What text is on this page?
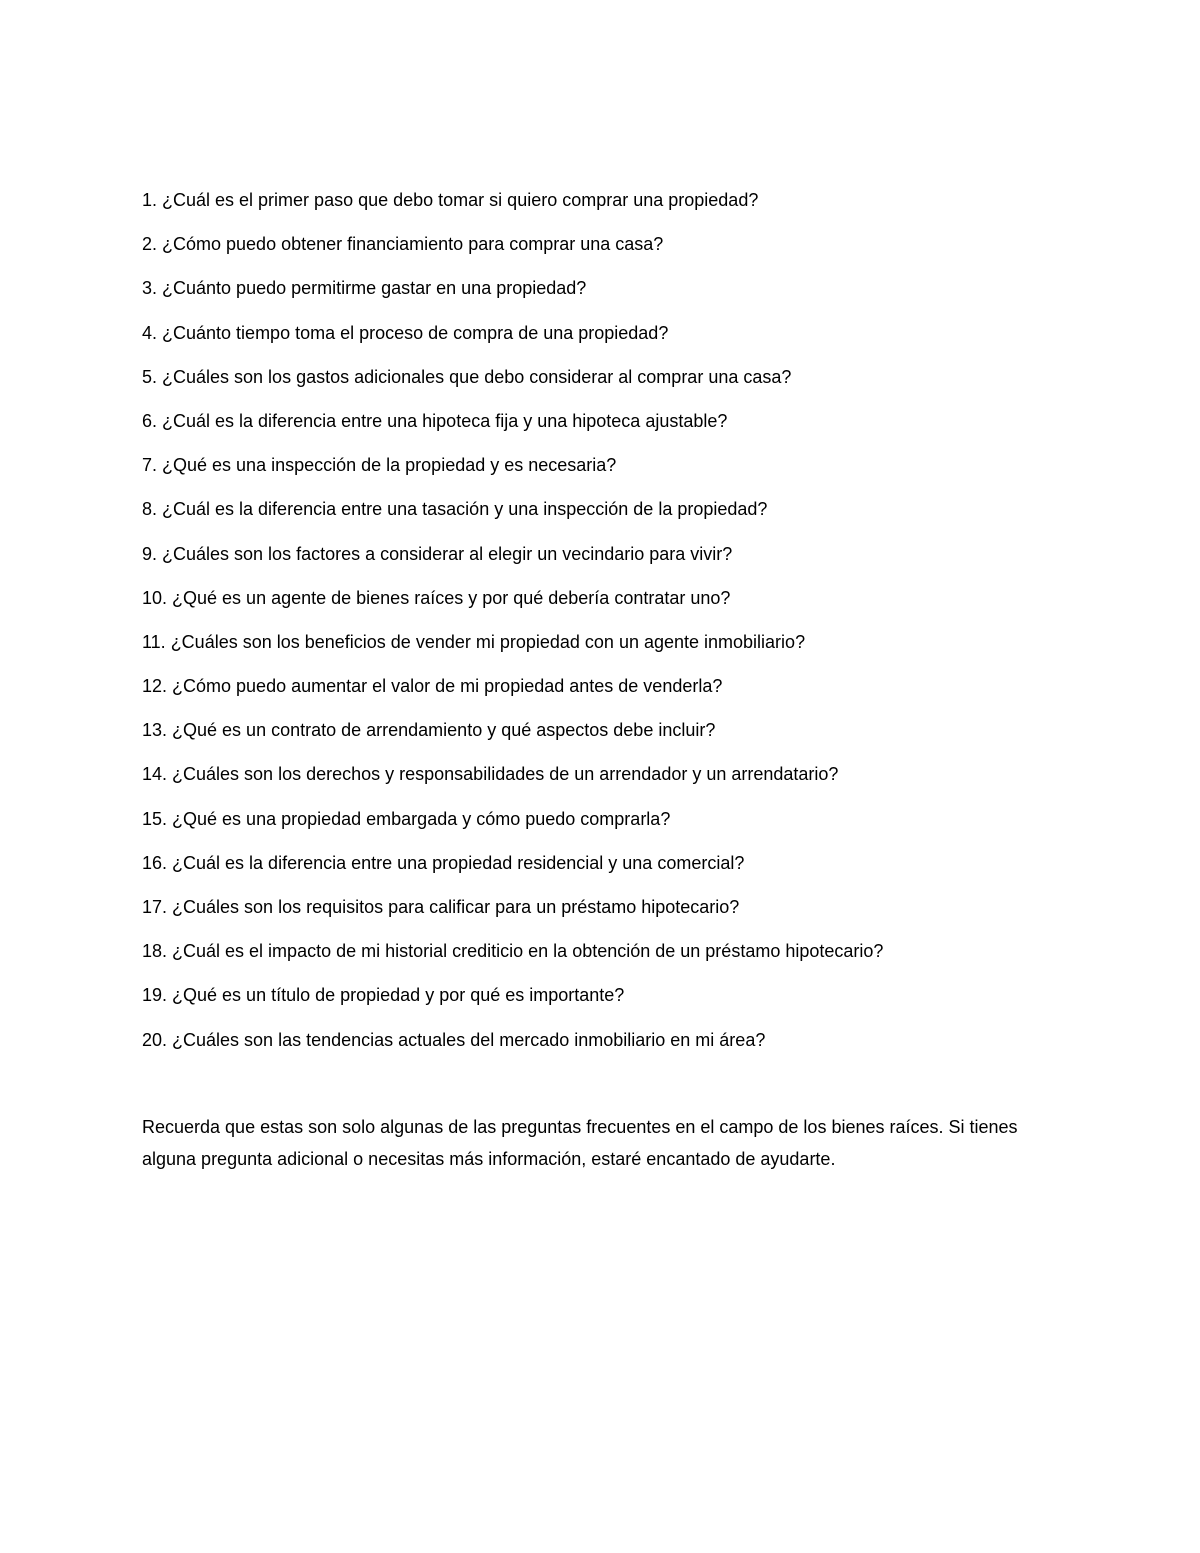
1. ¿Cuál es el primer paso que debo tomar si quiero comprar una propiedad?
2. ¿Cómo puedo obtener financiamiento para comprar una casa?
3. ¿Cuánto puedo permitirme gastar en una propiedad?
4. ¿Cuánto tiempo toma el proceso de compra de una propiedad?
5. ¿Cuáles son los gastos adicionales que debo considerar al comprar una casa?
6. ¿Cuál es la diferencia entre una hipoteca fija y una hipoteca ajustable?
7. ¿Qué es una inspección de la propiedad y es necesaria?
8. ¿Cuál es la diferencia entre una tasación y una inspección de la propiedad?
9. ¿Cuáles son los factores a considerar al elegir un vecindario para vivir?
10. ¿Qué es un agente de bienes raíces y por qué debería contratar uno?
11. ¿Cuáles son los beneficios de vender mi propiedad con un agente inmobiliario?
12. ¿Cómo puedo aumentar el valor de mi propiedad antes de venderla?
13. ¿Qué es un contrato de arrendamiento y qué aspectos debe incluir?
14. ¿Cuáles son los derechos y responsabilidades de un arrendador y un arrendatario?
15. ¿Qué es una propiedad embargada y cómo puedo comprarla?
16. ¿Cuál es la diferencia entre una propiedad residencial y una comercial?
17. ¿Cuáles son los requisitos para calificar para un préstamo hipotecario?
18. ¿Cuál es el impacto de mi historial crediticio en la obtención de un préstamo hipotecario?
19. ¿Qué es un título de propiedad y por qué es importante?
20. ¿Cuáles son las tendencias actuales del mercado inmobiliario en mi área?

Recuerda que estas son solo algunas de las preguntas frecuentes en el campo de los bienes raíces. Si tienes alguna pregunta adicional o necesitas más información, estaré encantado de ayudarte.
